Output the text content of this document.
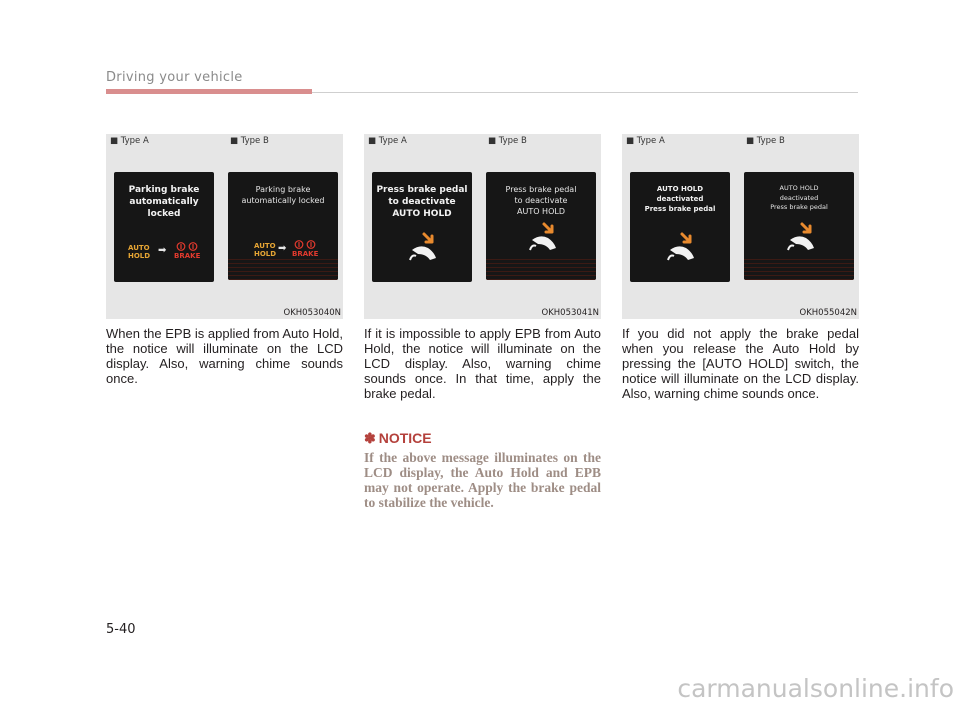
Driving your vehicle
■ Type A	■ Type B
Parking brake
automatically
locked
AUTO
HOLD ➡ BRAKE
Parking brake
automatically locked
AUTO
HOLD ➡ BRAKE
OKH053040N
■ Type A	■ Type B
Press brake pedal
to deactivate
AUTO HOLD
Press brake pedal
to deactivate
AUTO HOLD
OKH053041N
■ Type A	■ Type B
AUTO HOLD
deactivated
Press brake pedal
AUTO HOLD
deactivated
Press brake pedal
OKH055042N

When the EPB is applied from Auto Hold, the notice will illuminate on the LCD display. Also, warning chime sounds once.

If it is impossible to apply EPB from Auto Hold, the notice will illuminate on the LCD display. Also, warning chime sounds once. In that time, apply the brake pedal.

If you did not apply the brake pedal when you release the Auto Hold by pressing the [AUTO HOLD] switch, the notice will illuminate on the LCD display. Also, warning chime sounds once.

✽ NOTICE

If the above message illuminates on the LCD display, the Auto Hold and EPB may not operate. Apply the brake pedal to stabilize the vehicle.

5-40
carmanualsonline.info
